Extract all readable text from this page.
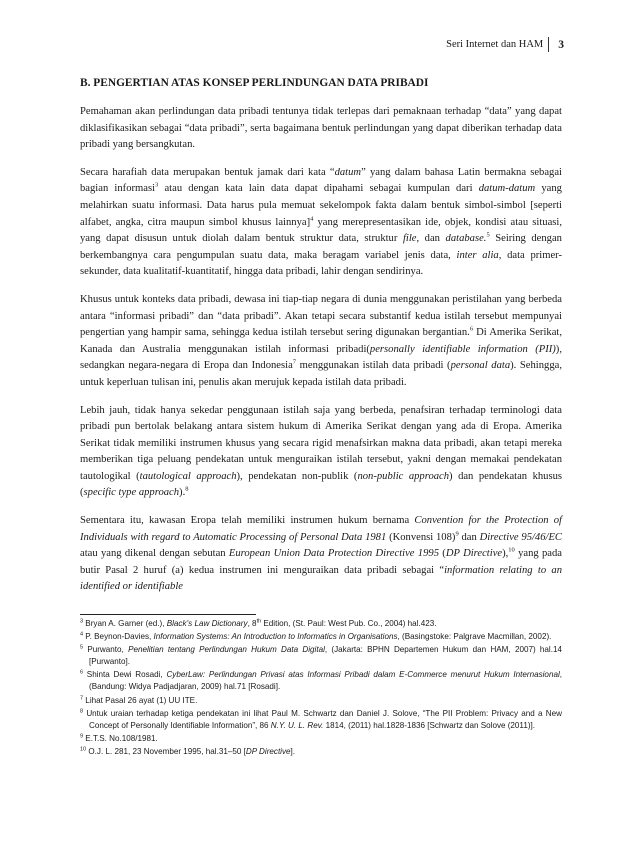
Seri Internet dan HAM 3
B. PENGERTIAN ATAS KONSEP PERLINDUNGAN DATA PRIBADI

Pemahaman akan perlindungan data pribadi tentunya tidak terlepas dari pemaknaan terhadap “data” yang dapat diklasifikasikan sebagai “data pribadi”, serta bagaimana bentuk perlindungan yang dapat diberikan terhadap data pribadi yang bersangkutan.

Secara harafiah data merupakan bentuk jamak dari kata “datum” yang dalam bahasa Latin bermakna sebagai bagian informasi$^3$ atau dengan kata lain data dapat dipahami sebagai kumpulan dari datum-datum yang melahirkan suatu informasi. Data harus pula memuat sekelompok fakta dalam bentuk simbol-simbol [seperti alfabet, angka, citra maupun simbol khusus lainnya]$^4$ yang merepresentasikan ide, objek, kondisi atau situasi, yang dapat disusun untuk diolah dalam bentuk struktur data, struktur file, dan database.$^5$ Seiring dengan berkembangnya cara pengumpulan suatu data, maka beragam variabel jenis data, inter alia, data primer-sekunder, data kualitatif-kuantitatif, hingga data pribadi, lahir dengan sendirinya.

Khusus untuk konteks data pribadi, dewasa ini tiap-tiap negara di dunia menggunakan peristilahan yang berbeda antara “informasi pribadi” dan “data pribadi”. Akan tetapi secara substantif kedua istilah tersebut mempunyai pengertian yang hampir sama, sehingga kedua istilah tersebut sering digunakan bergantian.$^6$ Di Amerika Serikat, Kanada dan Australia menggunakan istilah informasi pribadi(personally identifiable information (PII)), sedangkan negara-negara di Eropa dan Indonesia$^7$ menggunakan istilah data pribadi (personal data). Sehingga, untuk keperluan tulisan ini, penulis akan merujuk kepada istilah data pribadi.

Lebih jauh, tidak hanya sekedar penggunaan istilah saja yang berbeda, penafsiran terhadap terminologi data pribadi pun bertolak belakang antara sistem hukum di Amerika Serikat dengan yang ada di Eropa. Amerika Serikat tidak memiliki instrumen khusus yang secara rigid menafsirkan makna data pribadi, akan tetapi mereka memberikan tiga peluang pendekatan untuk menguraikan istilah tersebut, yakni dengan memakai pendekatan tautologikal (tautological approach), pendekatan non-publik (non-public approach) dan pendekatan khusus (specific type approach).$^8$

Sementara itu, kawasan Eropa telah memiliki instrumen hukum bernama Convention for the Protection of Individuals with regard to Automatic Processing of Personal Data 1981 (Konvensi 108)$^9$ dan Directive 95/46/EC atau yang dikenal dengan sebutan European Union Data Protection Directive 1995 (DP Directive),$^{10}$ yang pada butir Pasal 2 huruf (a) kedua instrumen ini menguraikan data pribadi sebagai “information relating to an identified or identifiable

$^3$ Bryan A. Garner (ed.), Black’s Law Dictionary, 8th Edition, (St. Paul: West Pub. Co., 2004) hal.423.
$^4$ P. Beynon-Davies, Information Systems: An Introduction to Informatics in Organisations, (Basingstoke: Palgrave Macmillan, 2002).
$^5$ Purwanto, Penelitian tentang Perlindungan Hukum Data Digital, (Jakarta: BPHN Departemen Hukum dan HAM, 2007) hal.14 [Purwanto].
$^6$ Shinta Dewi Rosadi, CyberLaw: Perlindungan Privasi atas Informasi Pribadi dalam E-Commerce menurut Hukum Internasional, (Bandung: Widya Padjadjaran, 2009) hal.71 [Rosadi].
$^7$ Lihat Pasal 26 ayat (1) UU ITE.
$^8$ Untuk uraian terhadap ketiga pendekatan ini lihat Paul M. Schwartz dan Daniel J. Solove, “The PII Problem: Privacy and a New Concept of Personally Identifiable Information”, 86 N.Y. U. L. Rev. 1814, (2011) hal.1828-1836 [Schwartz dan Solove (2011)].
$^9$ E.T.S. No.108/1981.
$^{10}$ O.J. L. 281, 23 November 1995, hal.31–50 [DP Directive].
